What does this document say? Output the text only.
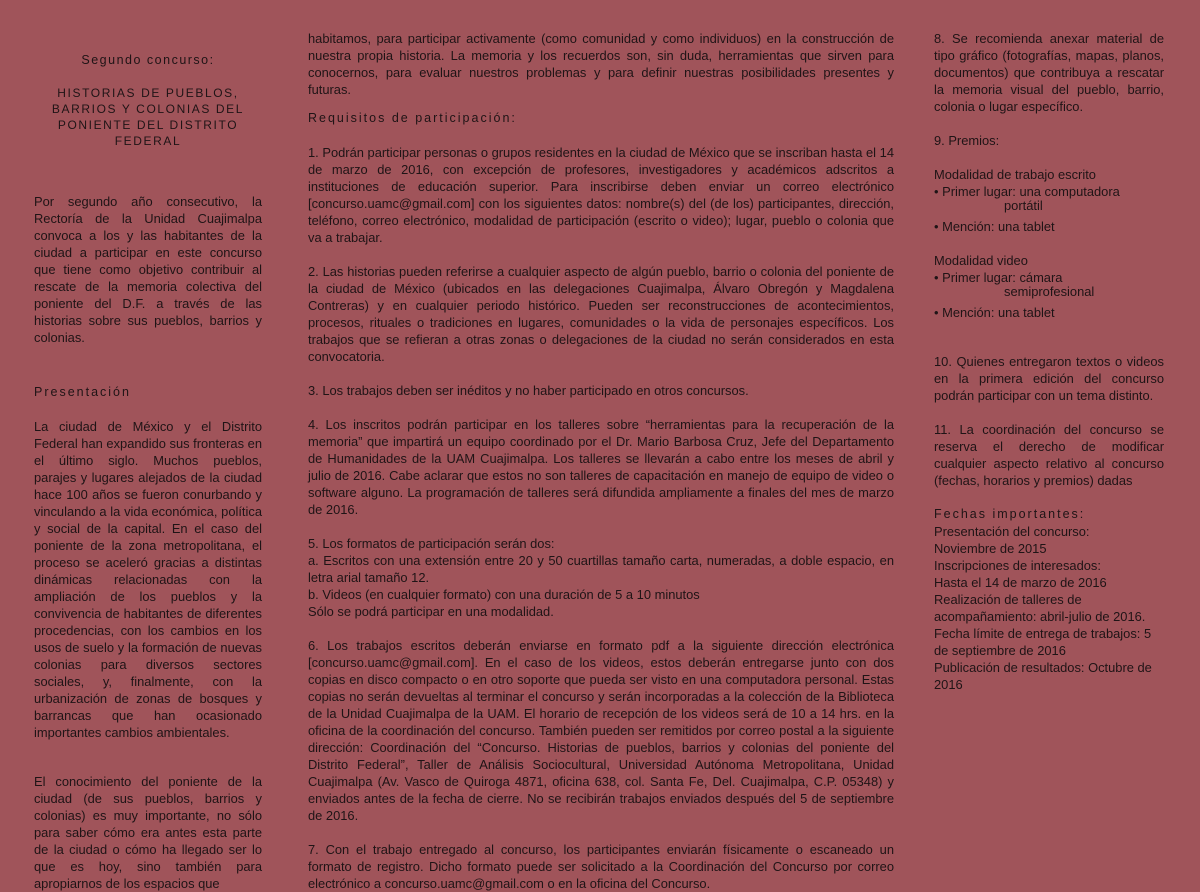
Segundo concurso:

HISTORIAS DE PUEBLOS, BARRIOS Y COLONIAS DEL PONIENTE DEL DISTRITO FEDERAL

Por segundo año consecutivo, la Rectoría de la Unidad Cuajimalpa convoca a los y las habitantes de la ciudad a participar en este concurso que tiene como objetivo contribuir al rescate de la memoria colectiva del poniente del D.F. a través de las historias sobre sus pueblos, barrios y colonias.

Presentación

La ciudad de México y el Distrito Federal han expandido sus fronteras en el último siglo. Muchos pueblos, parajes y lugares alejados de la ciudad hace 100 años se fueron conurbando y vinculando a la vida económica, política y social de la capital. En el caso del poniente de la zona metropolitana, el proceso se aceleró gracias a distintas dinámicas relacionadas con la ampliación de los pueblos y la convivencia de habitantes de diferentes procedencias, con los cambios en los usos de suelo y la formación de nuevas colonias para diversos sectores sociales, y, finalmente, con la urbanización de zonas de bosques y barrancas que han ocasionado importantes cambios ambientales.

El conocimiento del poniente de la ciudad (de sus pueblos, barrios y colonias) es muy importante, no sólo para saber cómo era antes esta parte de la ciudad o cómo ha llegado ser lo que es hoy, sino también para apropiarnos de los espacios que

habitamos, para participar activamente (como comunidad y como individuos) en la construcción de nuestra propia historia. La memoria y los recuerdos son, sin duda, herramientas que sirven para conocernos, para evaluar nuestros problemas y para definir nuestras posibilidades presentes y futuras.

Requisitos de participación:

1. Podrán participar personas o grupos residentes en la ciudad de México que se inscriban hasta el 14 de marzo de 2016, con excepción de profesores, investigadores y académicos adscritos a instituciones de educación superior. Para inscribirse deben enviar un correo electrónico [concurso.uamc@gmail.com] con los siguientes datos: nombre(s) del (de los) participantes, dirección, teléfono, correo electrónico, modalidad de participación (escrito o video); lugar, pueblo o colonia que va a trabajar.

2. Las historias pueden referirse a cualquier aspecto de algún pueblo, barrio o colonia del poniente de la ciudad de México (ubicados en las delegaciones Cuajimalpa, Álvaro Obregón y Magdalena Contreras) y en cualquier periodo histórico. Pueden ser reconstrucciones de acontecimientos, procesos, rituales o tradiciones en lugares, comunidades o la vida de personajes específicos. Los trabajos que se refieran a otras zonas o delegaciones de la ciudad no serán considerados en esta convocatoria.

3. Los trabajos deben ser inéditos y no haber participado en otros concursos.

4. Los inscritos podrán participar en los talleres sobre “herramientas para la recuperación de la memoria” que impartirá un equipo coordinado por el Dr. Mario Barbosa Cruz, Jefe del Departamento de Humanidades de la UAM Cuajimalpa. Los talleres se llevarán a cabo entre los meses de abril y julio de 2016. Cabe aclarar que estos no son talleres de capacitación en manejo de equipo de video o software alguno. La programación de talleres será difundida ampliamente a finales del mes de marzo de 2016.

5. Los formatos de participación serán dos:

a. Escritos con una extensión entre 20 y 50 cuartillas tamaño carta, numeradas, a doble espacio, en letra arial tamaño 12.

b. Videos (en cualquier formato) con una duración de 5 a 10 minutos

Sólo se podrá participar en una modalidad.

6. Los trabajos escritos deberán enviarse en formato pdf a la siguiente dirección electrónica [concurso.uamc@gmail.com]. En el caso de los videos, estos deberán entregarse junto con dos copias en disco compacto o en otro soporte que pueda ser visto en una computadora personal. Estas copias no serán devueltas al terminar el concurso y serán incorporadas a la colección de la Biblioteca de la Unidad Cuajimalpa de la UAM. El horario de recepción de los videos será de 10 a 14 hrs. en la oficina de la coordinación del concurso. También pueden ser remitidos por correo postal a la siguiente dirección: Coordinación del “Concurso. Historias de pueblos, barrios y colonias del poniente del Distrito Federal”, Taller de Análisis Sociocultural, Universidad Autónoma Metropolitana, Unidad Cuajimalpa (Av. Vasco de Quiroga 4871, oficina 638, col. Santa Fe, Del. Cuajimalpa, C.P. 05348) y enviados antes de la fecha de cierre. No se recibirán trabajos enviados después del 5 de septiembre de 2016.

7. Con el trabajo entregado al concurso, los participantes enviarán físicamente o escaneado un formato de registro. Dicho formato puede ser solicitado a la Coordinación del Concurso por correo electrónico a concurso.uamc@gmail.com o en la oficina del Concurso.

8. Se recomienda anexar material de tipo gráfico (fotografías, mapas, planos, documentos) que contribuya a rescatar la memoria visual del pueblo, barrio, colonia o lugar específico.

9. Premios:

Modalidad de trabajo escrito

• Primer lugar: una computadora
portátil
• Mención: una tablet

Modalidad video

• Primer lugar: cámara
semiprofesional
• Mención: una tablet

10. Quienes entregaron textos o videos en la primera edición del concurso podrán participar con un tema distinto.

11. La coordinación del concurso se reserva el derecho de modificar cualquier aspecto relativo al concurso (fechas, horarios y premios) dadas

Fechas importantes:

Presentación del concurso:

Noviembre de 2015

Inscripciones de interesados:

Hasta el 14 de marzo de 2016

Realización de talleres de acompañamiento: abril-julio de 2016.

Fecha límite de entrega de trabajos: 5 de septiembre de 2016

Publicación de resultados: Octubre de 2016
